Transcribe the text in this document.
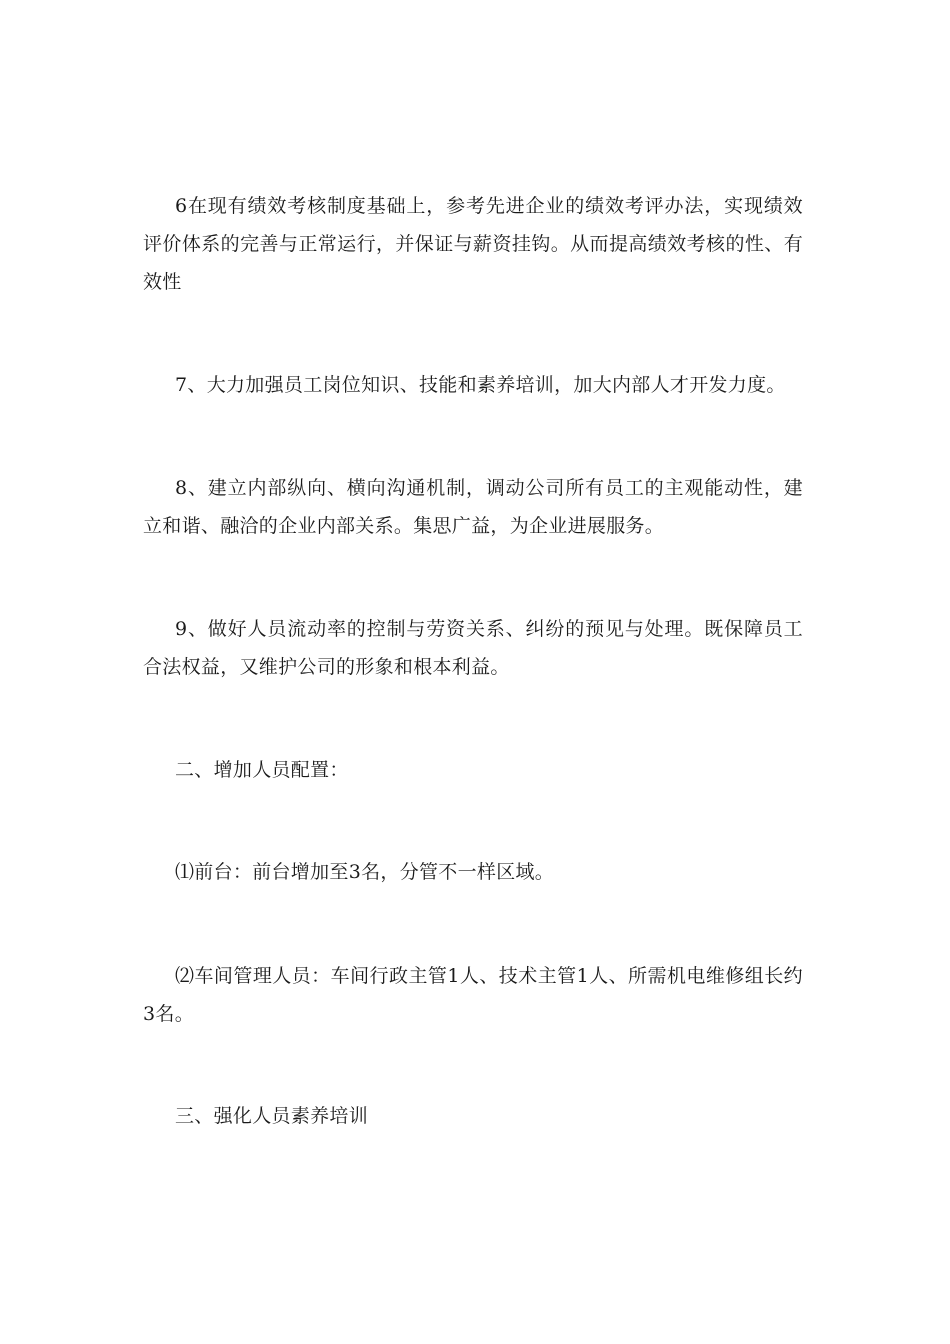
6在现有绩效考核制度基础上，参考先进企业的绩效考评办法，实现绩效评价体系的完善与正常运行，并保证与薪资挂钩。从而提高绩效考核的性、有效性

7、大力加强员工岗位知识、技能和素养培训，加大内部人才开发力度。

8、建立内部纵向、横向沟通机制，调动公司所有员工的主观能动性，建立和谐、融洽的企业内部关系。集思广益，为企业进展服务。

9、做好人员流动率的控制与劳资关系、纠纷的预见与处理。既保障员工合法权益，又维护公司的形象和根本利益。

二、增加人员配置：

⑴前台：前台增加至3名，分管不一样区域。

⑵车间管理人员：车间行政主管1人、技术主管1人、所需机电维修组长约3名。

三、强化人员素养培训
